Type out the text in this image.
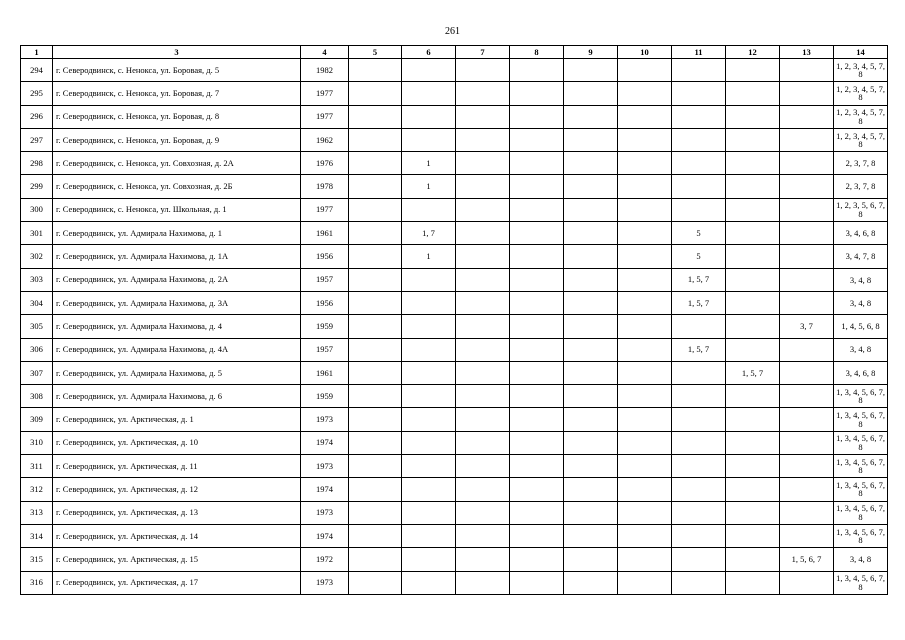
261
1	3	4	5	6	7	8	9	10	11	12	13	14
294	г. Северодвинск, с. Ненокса, ул. Боровая, д. 5	1982										1, 2, 3, 4, 5, 7, 8
295	г. Северодвинск, с. Ненокса, ул. Боровая, д. 7	1977										1, 2, 3, 4, 5, 7, 8
296	г. Северодвинск, с. Ненокса, ул. Боровая, д. 8	1977										1, 2, 3, 4, 5, 7, 8
297	г. Северодвинск, с. Ненокса, ул. Боровая, д. 9	1962										1, 2, 3, 4, 5, 7, 8
298	г. Северодвинск, с. Ненокса, ул. Совхозная, д. 2А	1976		1								2, 3, 7, 8
299	г. Северодвинск, с. Ненокса, ул. Совхозная, д. 2Б	1978		1								2, 3, 7, 8
300	г. Северодвинск, с. Ненокса, ул. Школьная, д. 1	1977										1, 2, 3, 5, 6, 7, 8
301	г. Северодвинск, ул. Адмирала Нахимова, д. 1	1961		1, 7					5			3, 4, 6, 8
302	г. Северодвинск, ул. Адмирала Нахимова, д. 1А	1956		1					5			3, 4, 7, 8
303	г. Северодвинск, ул. Адмирала Нахимова, д. 2А	1957							1, 5, 7			3, 4, 8
304	г. Северодвинск, ул. Адмирала Нахимова, д. 3А	1956							1, 5, 7			3, 4, 8
305	г. Северодвинск, ул. Адмирала Нахимова, д. 4	1959									3, 7	1, 4, 5, 6, 8
306	г. Северодвинск, ул. Адмирала Нахимова, д. 4А	1957							1, 5, 7			3, 4, 8
307	г. Северодвинск, ул. Адмирала Нахимова, д. 5	1961								1, 5, 7		3, 4, 6, 8
308	г. Северодвинск, ул. Адмирала Нахимова, д. 6	1959										1, 3, 4, 5, 6, 7, 8
309	г. Северодвинск, ул. Арктическая, д. 1	1973										1, 3, 4, 5, 6, 7, 8
310	г. Северодвинск, ул. Арктическая, д. 10	1974										1, 3, 4, 5, 6, 7, 8
311	г. Северодвинск, ул. Арктическая, д. 11	1973										1, 3, 4, 5, 6, 7, 8
312	г. Северодвинск, ул. Арктическая, д. 12	1974										1, 3, 4, 5, 6, 7, 8
313	г. Северодвинск, ул. Арктическая, д. 13	1973										1, 3, 4, 5, 6, 7, 8
314	г. Северодвинск, ул. Арктическая, д. 14	1974										1, 3, 4, 5, 6, 7, 8
315	г. Северодвинск, ул. Арктическая, д. 15	1972									1, 5, 6, 7	3, 4, 8
316	г. Северодвинск, ул. Арктическая, д. 17	1973										1, 3, 4, 5, 6, 7, 8
